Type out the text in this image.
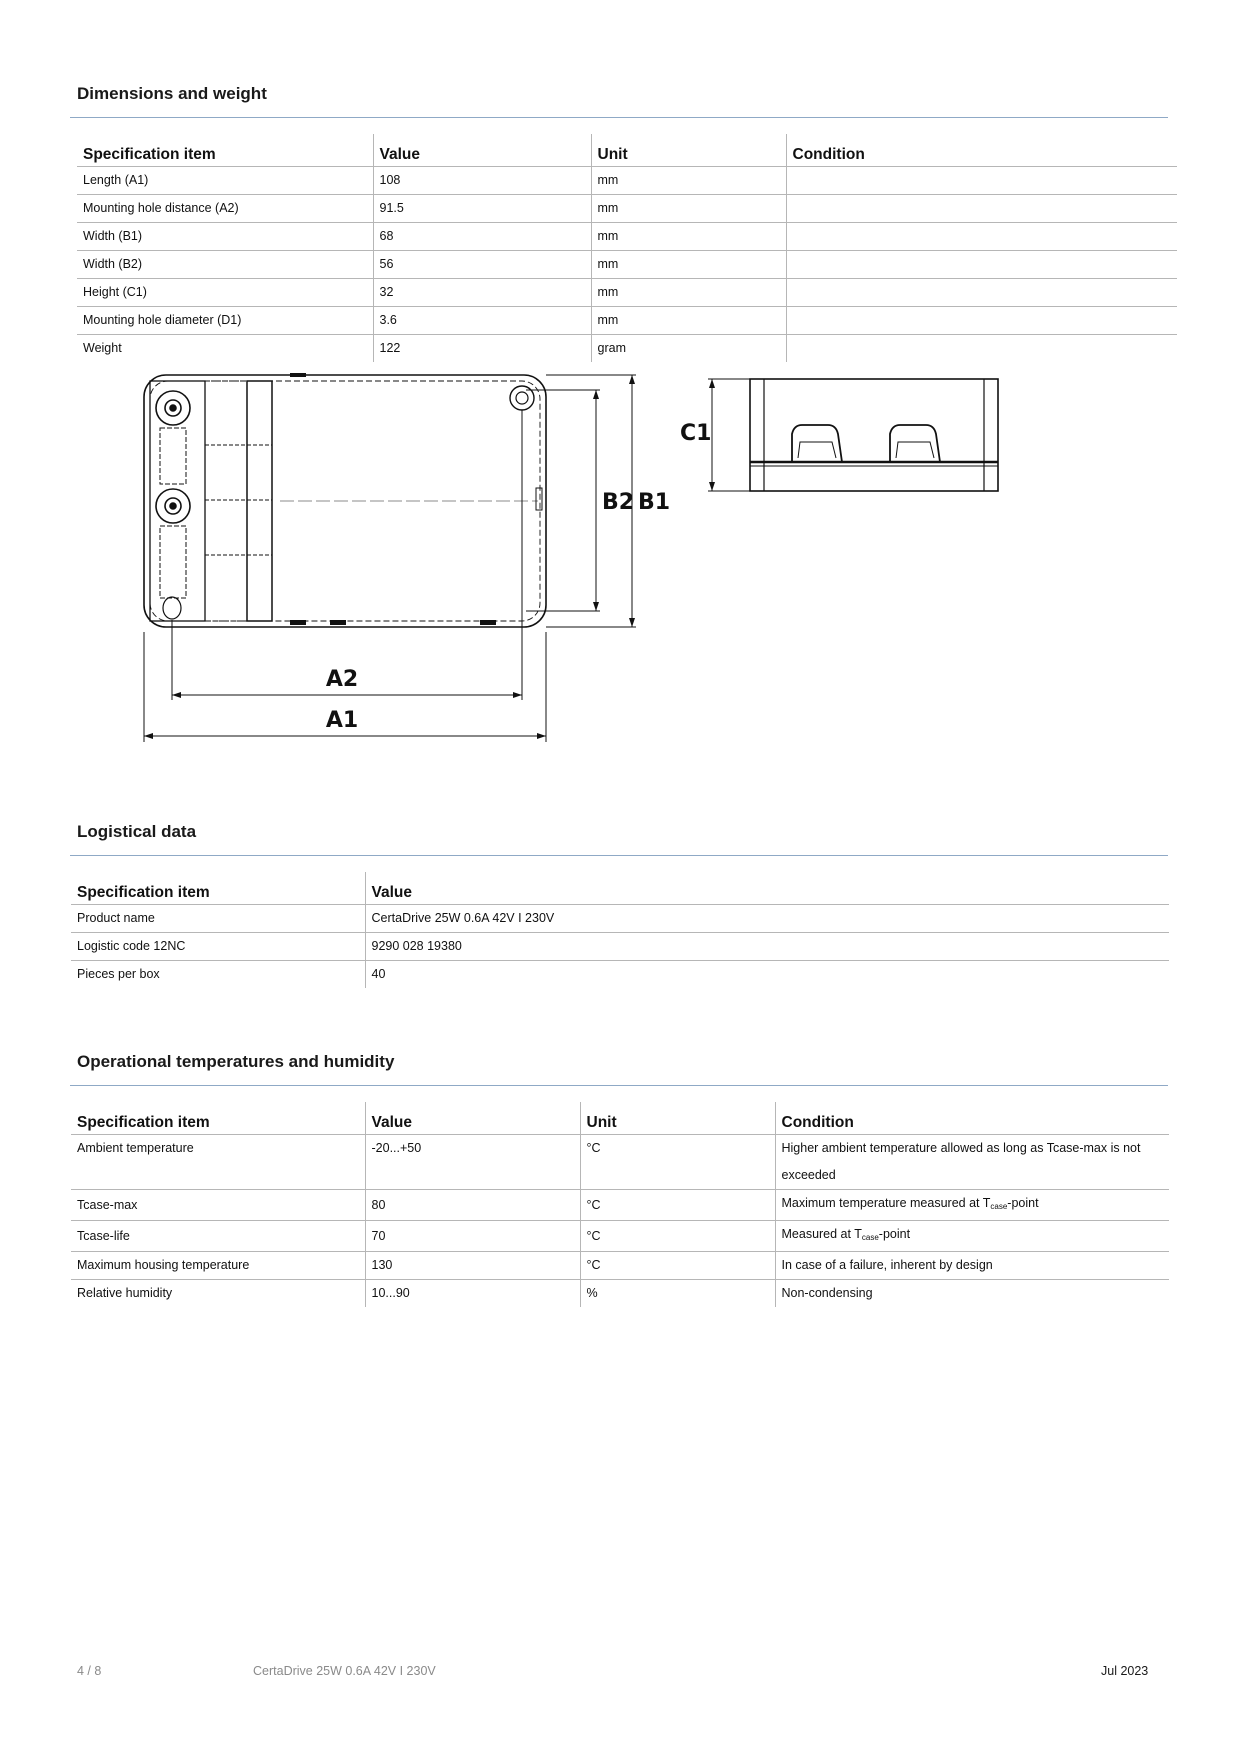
Dimensions and weight
Specification item	Value	Unit	Condition
Length (A1)	108	mm	
Mounting hole distance (A2)	91.5	mm	
Width (B1)	68	mm	
Width (B2)	56	mm	
Height (C1)	32	mm	
Mounting hole diameter (D1)	3.6	mm	
Weight	122	gram	
B2 B1
A2
A1
C1
Logistical data
Specification item	Value
Product name	CertaDrive 25W 0.6A 42V I 230V
Logistic code 12NC	9290 028 19380
Pieces per box	40
Operational temperatures and humidity
Specification item	Value	Unit	Condition
Ambient temperature	-20...+50	°C	Higher ambient temperature allowed as long as Tcase-max is not exceeded
Tcase-max	80	°C	Maximum temperature measured at $T_{case}$-point
Tcase-life	70	°C	Measured at $T_{case}$-point
Maximum housing temperature	130	°C	In case of a failure, inherent by design
Relative humidity	10...90	%	Non-condensing
4 / 8	CertaDrive 25W 0.6A 42V I 230V	Jul 2023
